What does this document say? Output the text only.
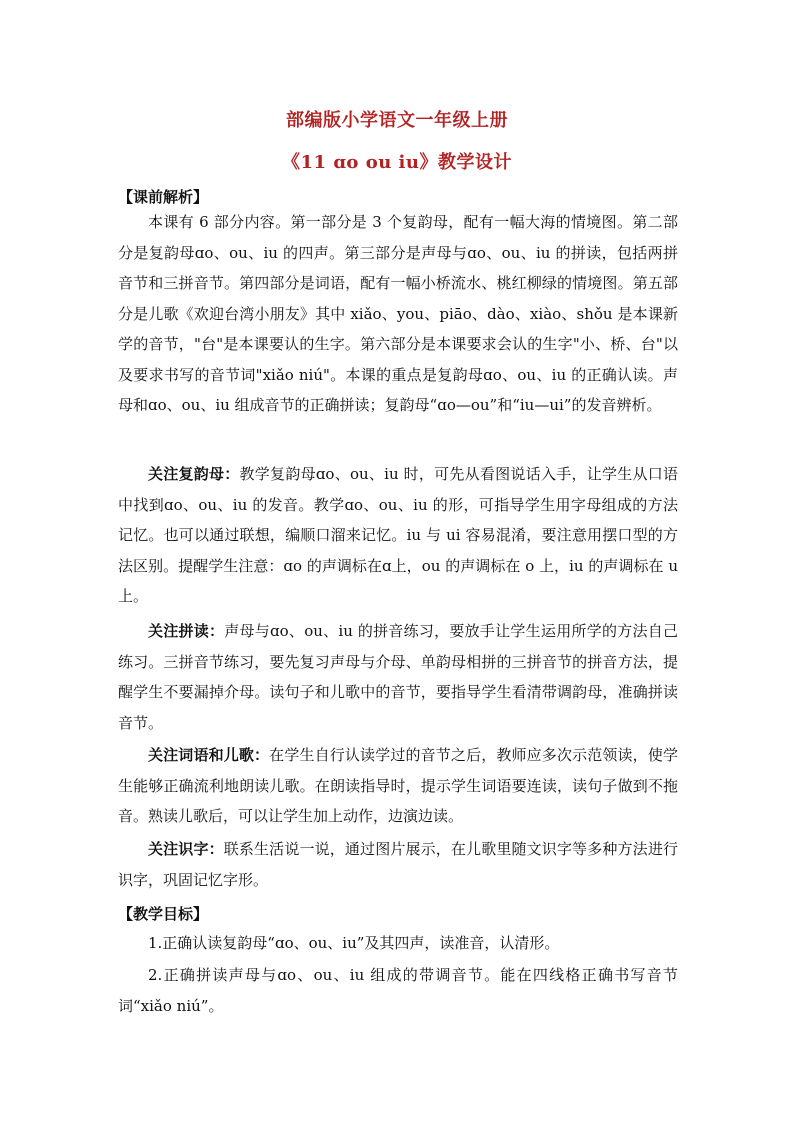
部编版小学语文一年级上册
《11 ɑo ou iu》教学设计
【课前解析】

本课有 6 部分内容。第一部分是 3 个复韵母，配有一幅大海的情境图。第二部分是复韵母ɑo、ou、iu 的四声。第三部分是声母与ɑo、ou、iu 的拼读，包括两拼音节和三拼音节。第四部分是词语，配有一幅小桥流水、桃红柳绿的情境图。第五部分是儿歌《欢迎台湾小朋友》其中 xiǎo、you、piāo、dào、xiào、shǒu 是本课新学的音节，"台"是本课要认的生字。第六部分是本课要求会认的生字"小、桥、台"以及要求书写的音节词"xiǎo niú"。本课的重点是复韵母ɑo、ou、iu 的正确认读。声母和ɑo、ou、iu 组成音节的正确拼读；复韵母“ɑo—ou”和“iu—ui”的发音辨析。

关注复韵母：教学复韵母ɑo、ou、iu 时，可先从看图说话入手，让学生从口语中找到ɑo、ou、iu 的发音。教学ɑo、ou、iu 的形，可指导学生用字母组成的方法记忆。也可以通过联想，编顺口溜来记忆。iu 与 ui 容易混淆，要注意用摆口型的方法区别。提醒学生注意：ɑo 的声调标在ɑ上，ou 的声调标在 o 上，iu 的声调标在 u 上。

关注拼读：声母与ɑo、ou、iu 的拼音练习，要放手让学生运用所学的方法自己练习。三拼音节练习，要先复习声母与介母、单韵母相拼的三拼音节的拼音方法，提醒学生不要漏掉介母。读句子和儿歌中的音节，要指导学生看清带调韵母，准确拼读音节。

关注词语和儿歌：在学生自行认读学过的音节之后，教师应多次示范领读，使学生能够正确流利地朗读儿歌。在朗读指导时，提示学生词语要连读，读句子做到不拖音。熟读儿歌后，可以让学生加上动作，边演边读。

关注识字：联系生活说一说，通过图片展示，在儿歌里随文识字等多种方法进行识字，巩固记忆字形。

【教学目标】

1.正确认读复韵母“ɑo、ou、iu”及其四声，读准音，认清形。

2.正确拼读声母与ɑo、ou、iu 组成的带调音节。能在四线格正确书写音节词“xiǎo niú”。
